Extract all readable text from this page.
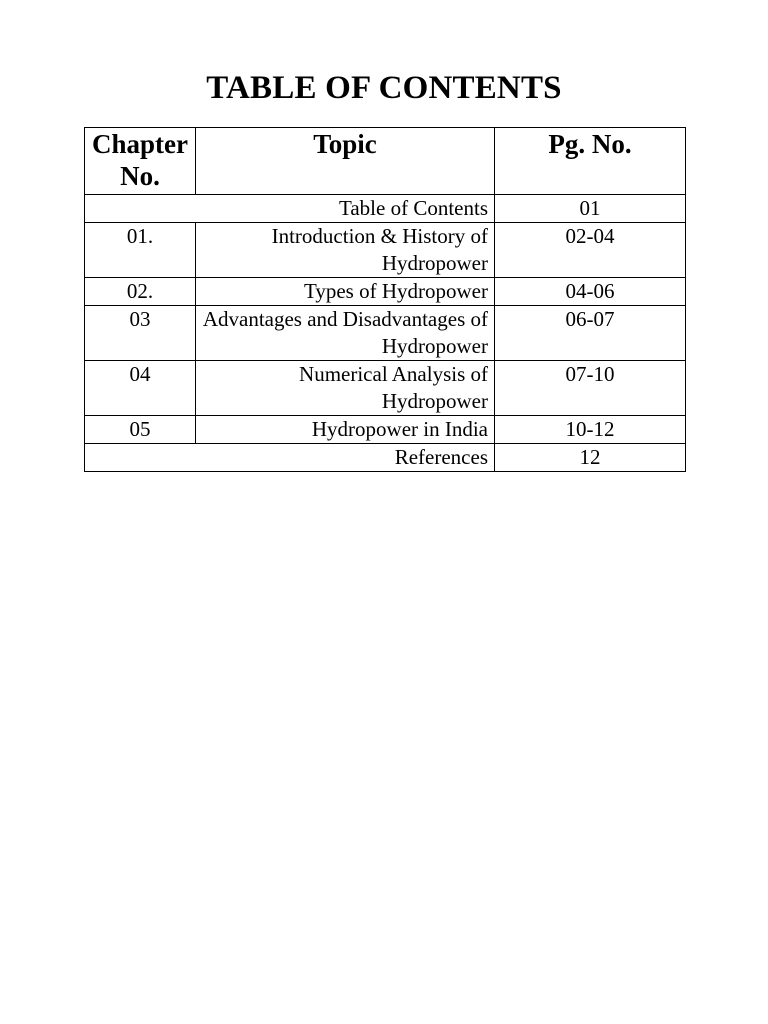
TABLE OF CONTENTS
Chapter No.	Topic	Pg. No.
Table of Contents		01
01.	Introduction & History of Hydropower	02-04
02.	Types of Hydropower	04-06
03	Advantages and Disadvantages of Hydropower	06-07
04	Numerical Analysis of Hydropower	07-10
05	Hydropower in India	10-12
References		12
